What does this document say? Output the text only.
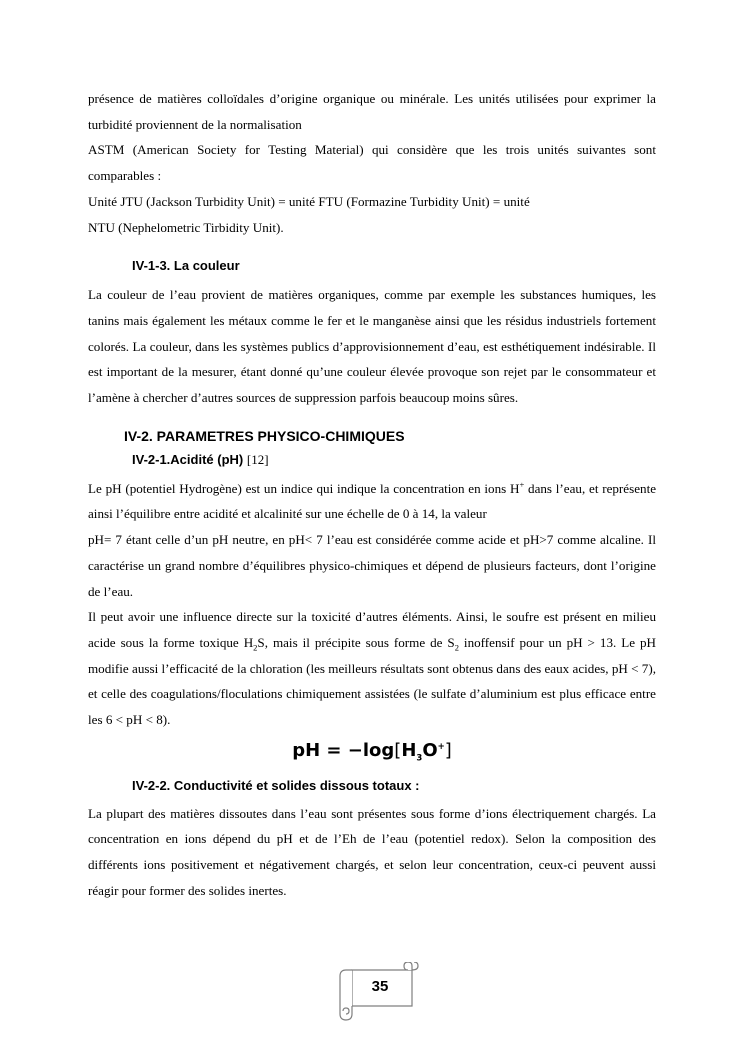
présence de matières colloïdales d’origine organique ou minérale. Les unités utilisées pour exprimer la turbidité proviennent de la normalisation

ASTM (American Society for Testing Material) qui considère que les trois unités suivantes sont comparables :

Unité JTU (Jackson Turbidity Unit) = unité FTU (Formazine Turbidity Unit) = unité

NTU (Nephelometric Tirbidity Unit).

IV-1-3. La couleur

La couleur de l’eau provient de matières organiques, comme par exemple les substances humiques, les tanins mais également les métaux comme le fer et le manganèse ainsi que les résidus industriels fortement colorés. La couleur, dans les systèmes publics d’approvisionnement d’eau, est esthétiquement indésirable. Il est important de la mesurer, étant donné qu’une couleur élevée provoque son rejet par le consommateur et l’amène à chercher d’autres sources de suppression parfois beaucoup moins sûres.

IV-2. PARAMETRES PHYSICO-CHIMIQUES
IV-2-1.Acidité (pH) [12]

Le pH (potentiel Hydrogène) est un indice qui indique la concentration en ions H+ dans l’eau, et représente ainsi l’équilibre entre acidité et alcalinité sur une échelle de 0 à 14, la valeur

pH= 7 étant celle d’un pH neutre, en pH< 7 l’eau est considérée comme acide et pH>7 comme alcaline. Il caractérise un grand nombre d’équilibres physico-chimiques et dépend de plusieurs facteurs, dont l’origine de l’eau.

Il peut avoir une influence directe sur la toxicité d’autres éléments. Ainsi, le soufre est présent en milieu acide sous la forme toxique $H_2S$, mais il précipite sous forme de $S_2$ inoffensif pour un pH > 13. Le pH modifie aussi l’efficacité de la chloration (les meilleurs résultats sont obtenus dans des eaux acides, pH < 7), et celle des coagulations/floculations chimiquement assistées (le sulfate d’aluminium est plus efficace entre les 6 < pH < 8).

pH = $-\log[H_3O^+]$
IV-2-2. Conductivité et solides dissous totaux :

La plupart des matières dissoutes dans l’eau sont présentes sous forme d’ions électriquement chargés. La concentration en ions dépend du pH et de l’Eh de l’eau (potentiel redox). Selon la composition des différents ions positivement et négativement chargés, et selon leur concentration, ceux-ci peuvent aussi réagir pour former des solides inertes.

35
